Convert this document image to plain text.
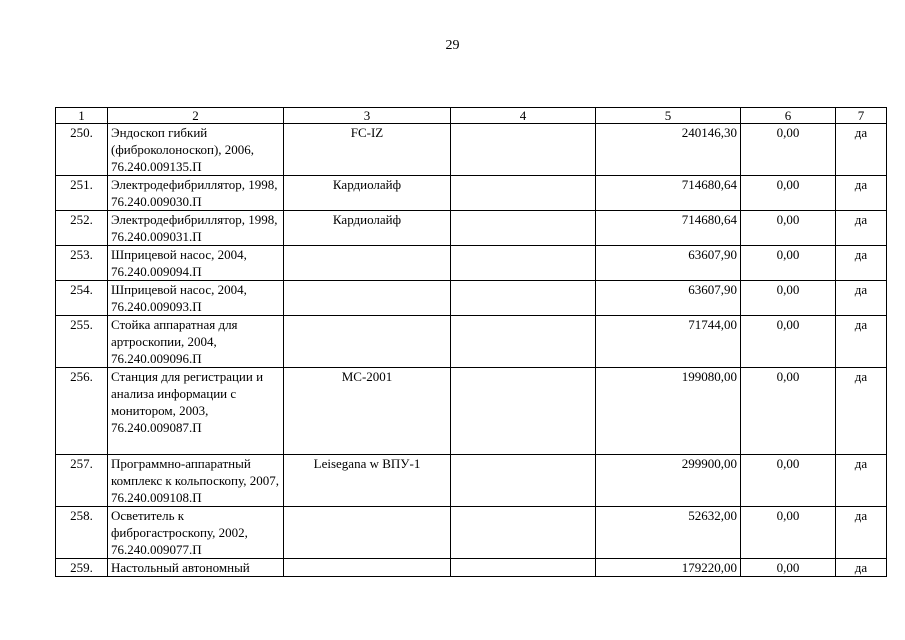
29
1	2	3	4	5	6	7
250.	Эндоскоп гибкий (фиброколоноскоп), 2006, 76.240.009135.П	FC-IZ		240146,30	0,00	да
251.	Электродефибриллятор, 1998, 76.240.009030.П	Кардиолайф		714680,64	0,00	да
252.	Электродефибриллятор, 1998, 76.240.009031.П	Кардиолайф		714680,64	0,00	да
253.	Шприцевой насос, 2004, 76.240.009094.П			63607,90	0,00	да
254.	Шприцевой насос, 2004, 76.240.009093.П			63607,90	0,00	да
255.	Стойка аппаратная для артроскопии, 2004, 76.240.009096.П			71744,00	0,00	да
256.	Станция для регистрации и анализа информации с монитором, 2003, 76.240.009087.П	МС-2001		199080,00	0,00	да
257.	Программно-аппаратный комплекс к кольпоскопу, 2007, 76.240.009108.П	Leisegana w ВПУ-1		299900,00	0,00	да
258.	Осветитель к фиброгастроскопу, 2002, 76.240.009077.П			52632,00	0,00	да
259.	Настольный автономный			179220,00	0,00	да
